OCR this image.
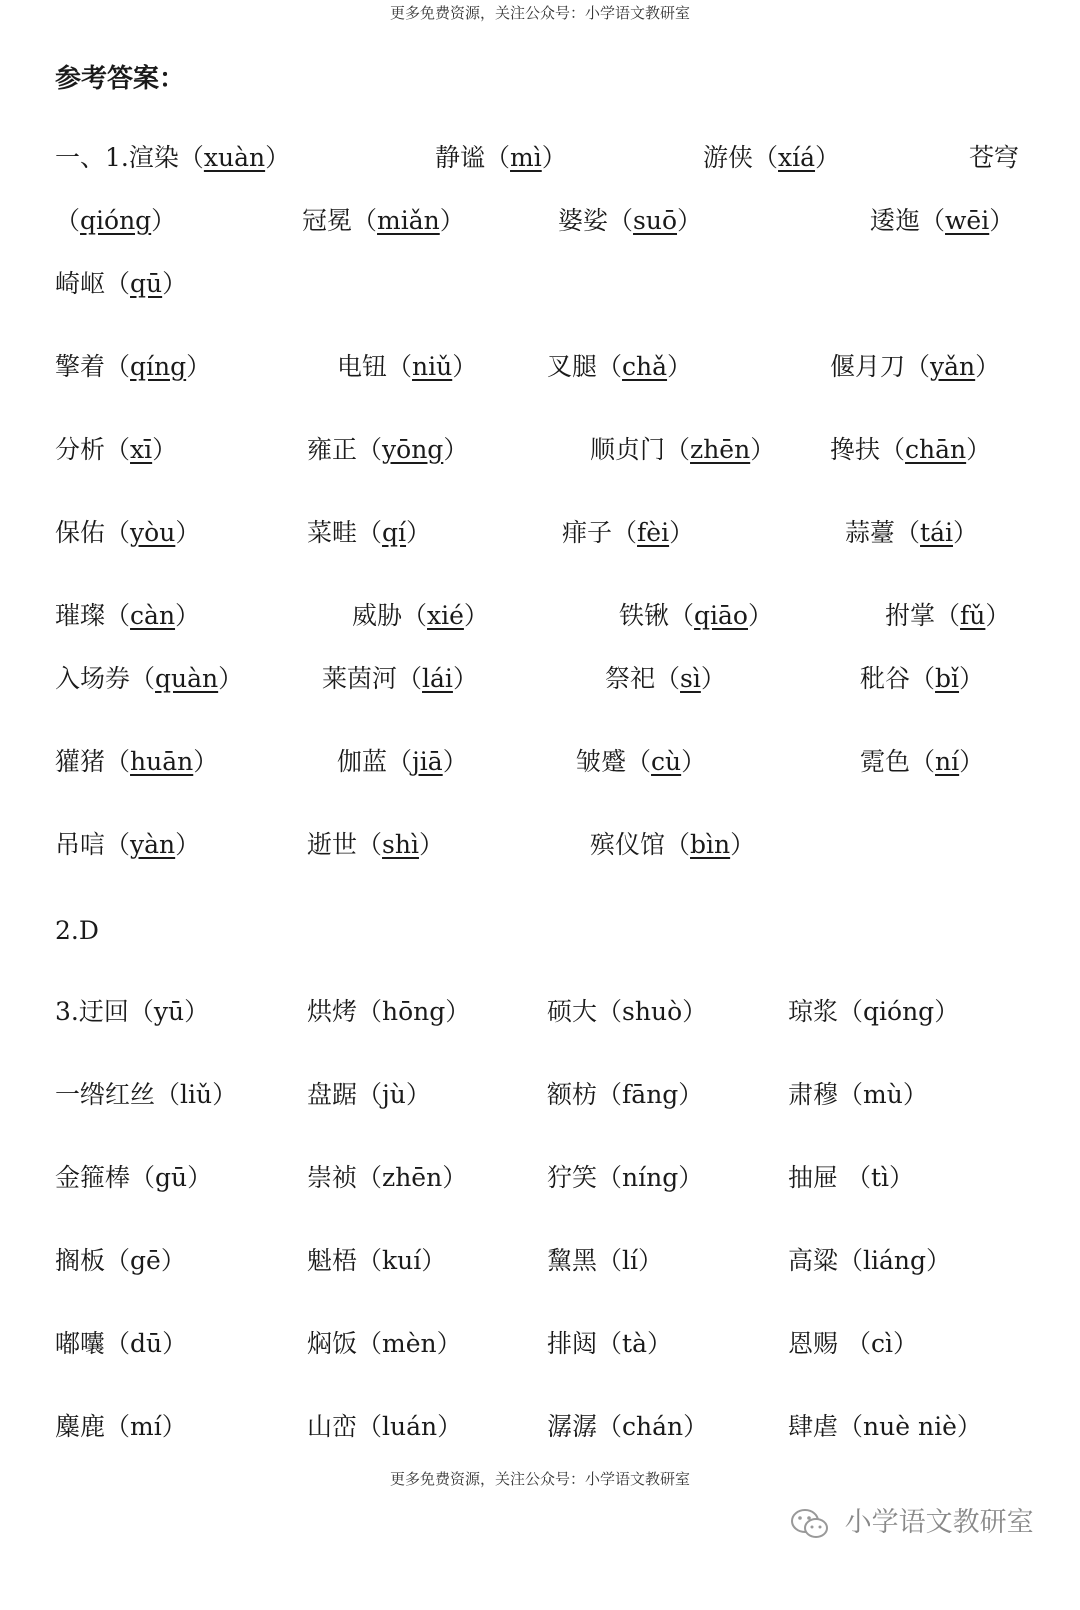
更多免费资源，关注公众号：小学语文教研室
参考答案：
一、1.渲染（xuàn）	静谧（mì）	游侠（xíá）	苍穹
（qióng）	冠冕（miǎn）	婆娑（suō）	逶迤（wēi）
崎岖（qū）
擎着（qíng）	电钮（niǔ）	叉腿（chǎ）	偃月刀（yǎn）
分析（xī）	雍正（yōng）	顺贞门（zhēn） 搀扶（chān）
保佑（yòu）	菜畦（qí）	痱子（fèi）	蒜薹（tái）
璀璨（càn）	威胁（xié）	铁锹（qiāo）	拊掌（fǔ）
入场券（quàn）	莱茵河（lái）	祭祀（sì）	秕谷（bǐ）
獾猪（huān）	伽蓝（jiā）	皱蹙（cù）	霓色（ní）
吊唁（yàn）	逝世（shì）	殡仪馆（bìn）
2.D
3.迂回（yū）	烘烤（hōng）	硕大（shuò）	琼浆（qióng）
一绺红丝（liǔ）	盘踞（jù）	额枋（fāng）	肃穆（mù）
金箍棒（gū）	崇祯（zhēn）	狞笑（níng）	抽屉 （tì）
搁板（gē）	魁梧（kuí）	黧黑（lí）	高粱（liáng）
嘟囔（dū）	焖饭（mèn）	排闼（tà）	恩赐 （cì）
麋鹿（mí）	山峦（luán）	潺潺（chán）	肆虐（nuè niè）
更多免费资源，关注公众号：小学语文教研室
小学语文教研室
